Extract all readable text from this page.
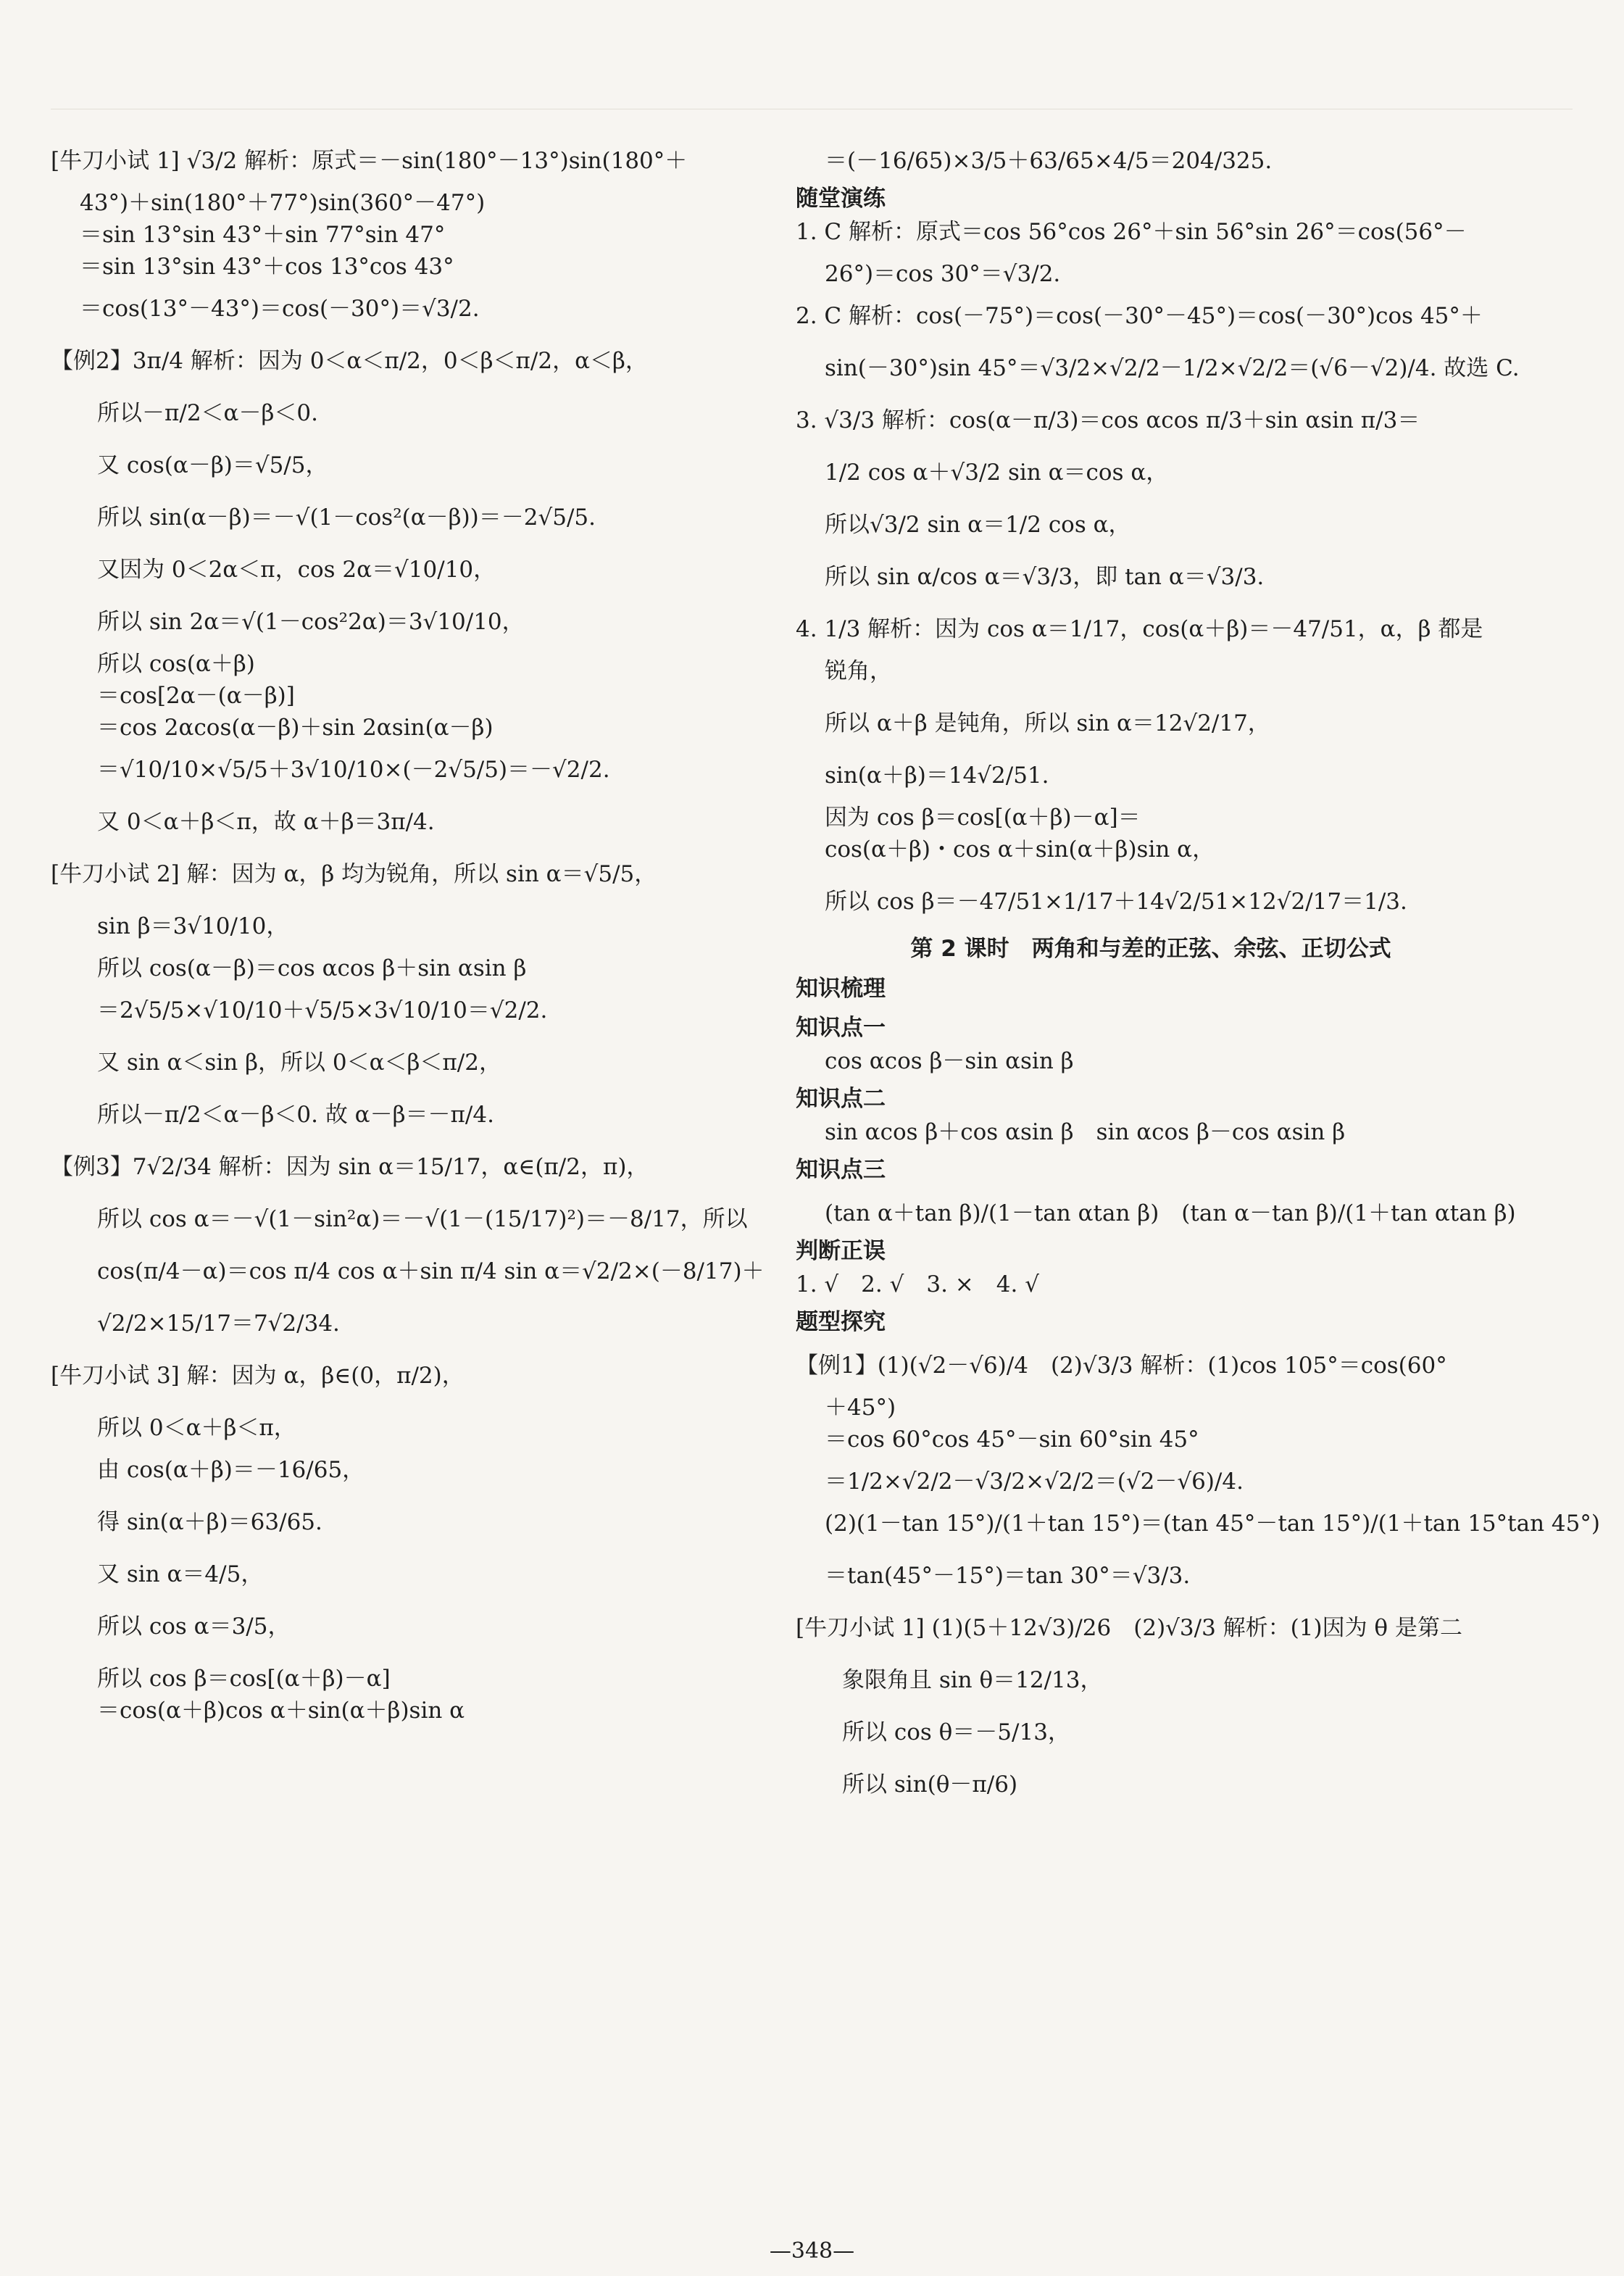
[牛刀小试 1] √3/2 解析：原式＝－sin(180°－13°)sin(180°＋
43°)＋sin(180°＋77°)sin(360°－47°)
＝sin 13°sin 43°＋sin 77°sin 47°
＝sin 13°sin 43°＋cos 13°cos 43°
＝cos(13°－43°)＝cos(－30°)＝√3/2.
【例2】3π/4 解析：因为 0＜α＜π/2，0＜β＜π/2，α＜β，
所以－π/2＜α－β＜0.
又 cos(α－β)＝√5/5，
所以 sin(α－β)＝－√(1－cos²(α－β))＝－2√5/5.
又因为 0＜2α＜π，cos 2α＝√10/10，
所以 sin 2α＝√(1－cos²2α)＝3√10/10，
所以 cos(α＋β)
＝cos[2α－(α－β)]
＝cos 2αcos(α－β)＋sin 2αsin(α－β)
＝√10/10×√5/5＋3√10/10×(－2√5/5)＝－√2/2.
又 0＜α＋β＜π，故 α＋β＝3π/4.
[牛刀小试 2] 解：因为 α，β 均为锐角，所以 sin α＝√5/5，
sin β＝3√10/10，
所以 cos(α－β)＝cos αcos β＋sin αsin β
＝2√5/5×√10/10＋√5/5×3√10/10＝√2/2.
又 sin α＜sin β，所以 0＜α＜β＜π/2，
所以－π/2＜α－β＜0. 故 α－β＝－π/4.
【例3】7√2/34 解析：因为 sin α＝15/17，α∈(π/2，π)，
所以 cos α＝－√(1－sin²α)＝－√(1－(15/17)²)＝－8/17，所以
cos(π/4－α)＝cos π/4 cos α＋sin π/4 sin α＝√2/2×(－8/17)＋
√2/2×15/17＝7√2/34.
[牛刀小试 3] 解：因为 α，β∈(0，π/2)，
所以 0＜α＋β＜π，
由 cos(α＋β)＝－16/65，
得 sin(α＋β)＝63/65.
又 sin α＝4/5，
所以 cos α＝3/5，
所以 cos β＝cos[(α＋β)－α]
＝cos(α＋β)cos α＋sin(α＋β)sin α
＝(－16/65)×3/5＋63/65×4/5＝204/325.
随堂演练
1. C 解析：原式＝cos 56°cos 26°＋sin 56°sin 26°＝cos(56°－
26°)＝cos 30°＝√3/2.
2. C 解析：cos(－75°)＝cos(－30°－45°)＝cos(－30°)cos 45°＋
sin(－30°)sin 45°＝√3/2×√2/2－1/2×√2/2＝(√6－√2)/4. 故选 C.
3. √3/3 解析：cos(α－π/3)＝cos αcos π/3＋sin αsin π/3＝
1/2 cos α＋√3/2 sin α＝cos α，
所以√3/2 sin α＝1/2 cos α，
所以 sin α/cos α＝√3/3，即 tan α＝√3/3.
4. 1/3 解析：因为 cos α＝1/17，cos(α＋β)＝－47/51，α，β 都是
锐角，
所以 α＋β 是钝角，所以 sin α＝12√2/17，
sin(α＋β)＝14√2/51.
因为 cos β＝cos[(α＋β)－α]＝
cos(α＋β)・cos α＋sin(α＋β)sin α，
所以 cos β＝－47/51×1/17＋14√2/51×12√2/17＝1/3.
第 2 课时　两角和与差的正弦、余弦、正切公式
知识梳理
知识点一
cos αcos β－sin αsin β
知识点二
sin αcos β＋cos αsin β　sin αcos β－cos αsin β
知识点三
(tan α＋tan β)/(1－tan αtan β)　(tan α－tan β)/(1＋tan αtan β)
判断正误
1. √　2. √　3. ×　4. √
题型探究
【例1】(1)(√2－√6)/4　(2)√3/3 解析：(1)cos 105°＝cos(60°
＋45°)
＝cos 60°cos 45°－sin 60°sin 45°
＝1/2×√2/2－√3/2×√2/2＝(√2－√6)/4.
(2)(1－tan 15°)/(1＋tan 15°)＝(tan 45°－tan 15°)/(1＋tan 15°tan 45°)
＝tan(45°－15°)＝tan 30°＝√3/3.
[牛刀小试 1] (1)(5＋12√3)/26　(2)√3/3 解析：(1)因为 θ 是第二
象限角且 sin θ＝12/13，
所以 cos θ＝－5/13，
所以 sin(θ－π/6)
—348—
